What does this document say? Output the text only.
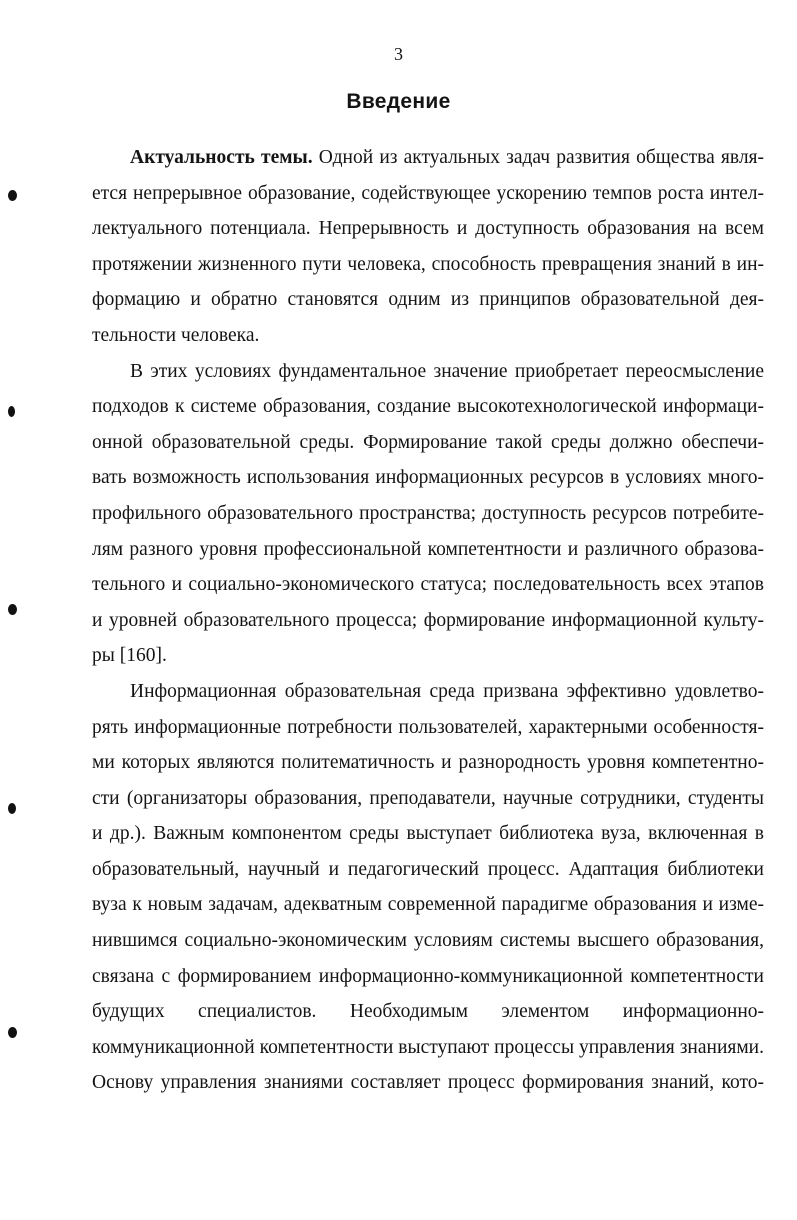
3
Введение
Актуальность темы. Одной из актуальных задач развития общества явля-
ется непрерывное образование, содействующее ускорению темпов роста интел-
лектуального потенциала. Непрерывность и доступность образования на всем
протяжении жизненного пути человека, способность превращения знаний в ин-
формацию и обратно становятся одним из принципов образовательной дея-
тельности человека.
В этих условиях фундаментальное значение приобретает переосмысление
подходов к системе образования, создание высокотехнологической информаци-
онной образовательной среды. Формирование такой среды должно обеспечи-
вать возможность использования информационных ресурсов в условиях много-
профильного образовательного пространства; доступность ресурсов потребите-
лям разного уровня профессиональной компетентности и различного образова-
тельного и социально-экономического статуса; последовательность всех этапов
и уровней образовательного процесса; формирование информационной культу-
ры [160].
Информационная образовательная среда призвана эффективно удовлетво-
рять информационные потребности пользователей, характерными особенностя-
ми которых являются политематичность и разнородность уровня компетентно-
сти (организаторы образования, преподаватели, научные сотрудники, студенты
и др.). Важным компонентом среды выступает библиотека вуза, включенная в
образовательный, научный и педагогический процесс. Адаптация библиотеки
вуза к новым задачам, адекватным современной парадигме образования и изме-
нившимся социально-экономическим условиям системы высшего образования,
связана с формированием информационно-коммуникационной компетентности
будущих специалистов. Необходимым элементом информационно-
коммуникационной компетентности выступают процессы управления знаниями.
Основу управления знаниями составляет процесс формирования знаний, кото-
